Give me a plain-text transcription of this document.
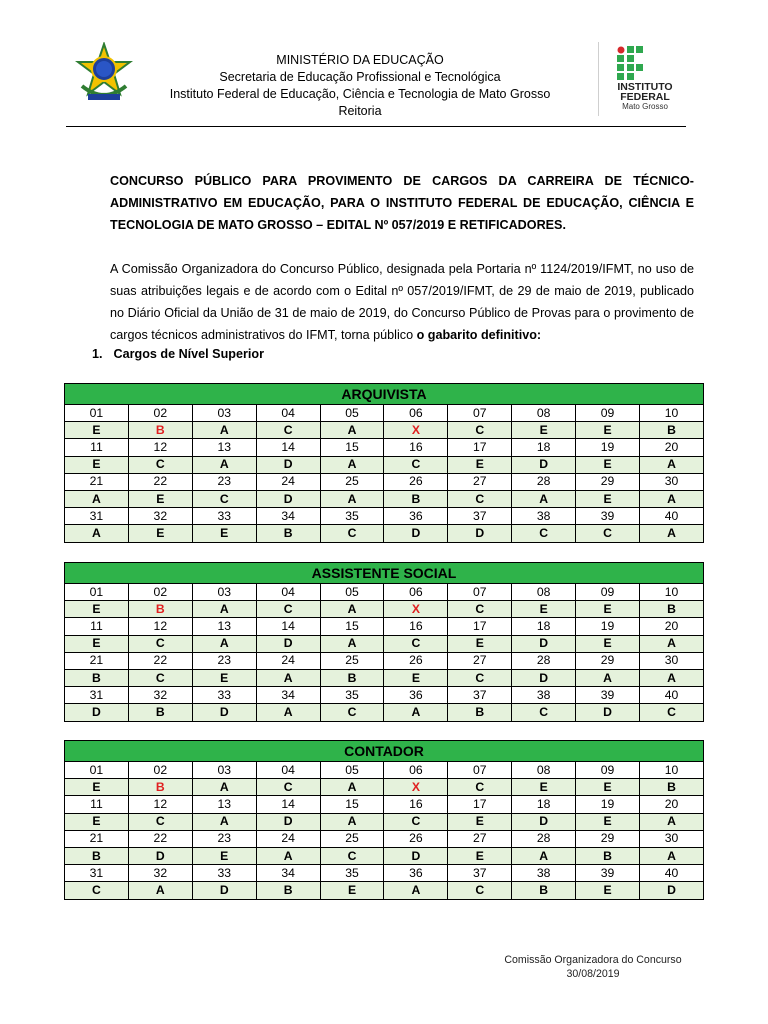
MINISTÉRIO DA EDUCAÇÃO
Secretaria de Educação Profissional e Tecnológica
Instituto Federal de Educação, Ciência e Tecnologia de Mato Grosso
Reitoria
INSTITUTO
FEDERAL
Mato Grosso
CONCURSO PÚBLICO PARA PROVIMENTO DE CARGOS DA CARREIRA DE TÉCNICO-ADMINISTRATIVO EM EDUCAÇÃO, PARA O INSTITUTO FEDERAL DE EDUCAÇÃO, CIÊNCIA E TECNOLOGIA DE MATO GROSSO – EDITAL Nº 057/2019 E RETIFICADORES.
A Comissão Organizadora do Concurso Público, designada pela Portaria nº 1124/2019/IFMT, no uso de suas atribuições legais e de acordo com o Edital nº 057/2019/IFMT, de 29 de maio de 2019, publicado no Diário Oficial da União de 31 de maio de 2019, do Concurso Público de Provas para o provimento de cargos técnicos administrativos do IFMT, torna público o gabarito definitivo:
1. Cargos de Nível Superior
ARQUIVISTA									
01	02	03	04	05	06	07	08	09	10
E	B	A	C	A	X	C	E	E	B
11	12	13	14	15	16	17	18	19	20
E	C	A	D	A	C	E	D	E	A
21	22	23	24	25	26	27	28	29	30
A	E	C	D	A	B	C	A	E	A
31	32	33	34	35	36	37	38	39	40
A	E	E	B	C	D	D	C	C	A
ASSISTENTE SOCIAL									
01	02	03	04	05	06	07	08	09	10
E	B	A	C	A	X	C	E	E	B
11	12	13	14	15	16	17	18	19	20
E	C	A	D	A	C	E	D	E	A
21	22	23	24	25	26	27	28	29	30
B	C	E	A	B	E	C	D	A	A
31	32	33	34	35	36	37	38	39	40
D	B	D	A	C	A	B	C	D	C
CONTADOR									
01	02	03	04	05	06	07	08	09	10
E	B	A	C	A	X	C	E	E	B
11	12	13	14	15	16	17	18	19	20
E	C	A	D	A	C	E	D	E	A
21	22	23	24	25	26	27	28	29	30
B	D	E	A	C	D	E	A	B	A
31	32	33	34	35	36	37	38	39	40
C	A	D	B	E	A	C	B	E	D
Comissão Organizadora do Concurso
30/08/2019
